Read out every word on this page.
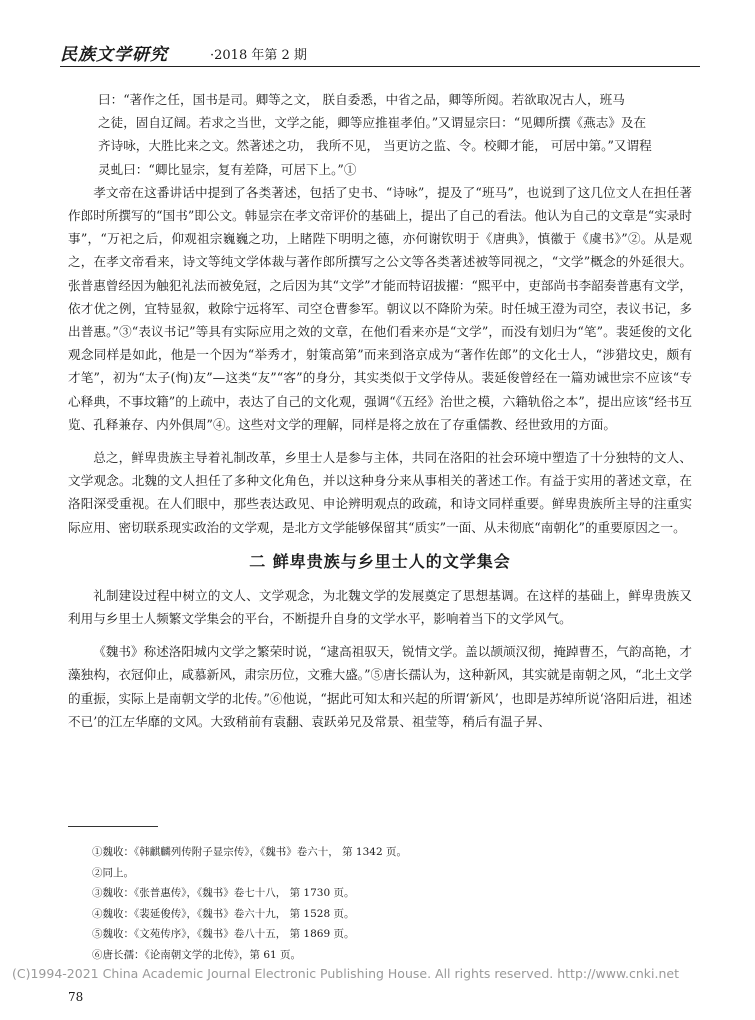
民族文学研究	·2018 年第 2 期

曰：“著作之任，国书是司。卿等之文， 朕自委悉，中省之品，卿等所阅。若欲取况古人，班马

之徒，固自辽阔。若求之当世，文学之能，卿等应推崔孝伯。”又谓显宗曰：“见卿所撰《燕志》及在

齐诗咏，大胜比来之文。然著述之功， 我所不见， 当更访之监、令。校卿才能， 可居中第。”又谓程

灵虬曰：“卿比显宗，复有差降，可居下上。”①

孝文帝在这番讲话中提到了各类著述，包括了史书、“诗咏”，提及了“班马”，也说到了这几位文人在担任著作郎时所撰写的“国书”即公文。韩显宗在孝文帝评价的基础上，提出了自己的看法。他认为自己的文章是“实录时事”，“万祀之后，仰观祖宗巍巍之功，上睹陛下明明之德，亦何谢钦明于《唐典》，慎徽于《虞书》”②。从是观之，在孝文帝看来，诗文等纯文学体裁与著作郎所撰写之公文等各类著述被等同视之，“文学”概念的外延很大。张普惠曾经因为触犯礼法而被免冠，之后因为其“文学”才能而特诏拔擢：“熙平中，吏部尚书李韶奏普惠有文学，依才优之例，宜特显叙，敕除宁远将军、司空仓曹参军。朝议以不降阶为荣。时任城王澄为司空，表议书记，多出普惠。”③“表议书记”等具有实际应用之效的文章，在他们看来亦是“文学”，而没有划归为“笔”。裴延俊的文化观念同样是如此，他是一个因为“举秀才，射策高第”而来到洛京成为“著作佐郎”的文化士人，“涉猎坟史，颇有才笔”，初为“太子(恂)友”—这类“友”“客”的身分，其实类似于文学侍从。裴延俊曾经在一篇劝诫世宗不应该“专心释典，不事坟籍”的上疏中，表达了自己的文化观，强调“《五经》治世之模，六籍轨俗之本”，提出应该“经书互览、孔释兼存、内外俱周”④。这些对文学的理解，同样是将之放在了存重儒教、经世致用的方面。

总之，鲜卑贵族主导着礼制改革，乡里士人是参与主体，共同在洛阳的社会环境中塑造了十分独特的文人、文学观念。北魏的文人担任了多种文化角色，并以这种身分来从事相关的著述工作。有益于实用的著述文章，在洛阳深受重视。在人们眼中，那些表达政见、申论辨明观点的政疏，和诗文同样重要。鲜卑贵族所主导的注重实际应用、密切联系现实政治的文学观，是北方文学能够保留其“质实”一面、从未彻底“南朝化”的重要原因之一。

二 鲜卑贵族与乡里士人的文学集会

礼制建设过程中树立的文人、文学观念，为北魏文学的发展奠定了思想基调。在这样的基础上，鲜卑贵族又利用与乡里士人频繁文学集会的平台，不断提升自身的文学水平，影响着当下的文学风气。

《魏书》称述洛阳城内文学之繁荣时说，“逮高祖驭天，锐情文学。盖以颉颃汉彻，掩踔曹丕，气韵高艳，才藻独构，衣冠仰止，咸慕新风，肃宗历位，文雅大盛。”⑤唐长孺认为，这种新风，其实就是南朝之风，“北土文学的重振，实际上是南朝文学的北传。”⑥他说，“据此可知太和兴起的所谓‘新风’，也即是苏绰所说‘洛阳后进，祖述不已’的江左华靡的文风。大致稍前有袁翻、袁跃弟兄及常景、祖莹等，稍后有温子昇、

①魏收：《韩麒麟列传附子显宗传》，《魏书》卷六十， 第 1342 页。

②同上。

③魏收：《张普惠传》，《魏书》卷七十八， 第 1730 页。

④魏收：《裴延俊传》，《魏书》卷六十九， 第 1528 页。

⑤魏收：《文苑传序》，《魏书》卷八十五， 第 1869 页。

⑥唐长孺：《论南朝文学的北传》，第 61 页。

(C)1994-2021 China Academic Journal Electronic Publishing House. All rights reserved. http://www.cnki.net
78
